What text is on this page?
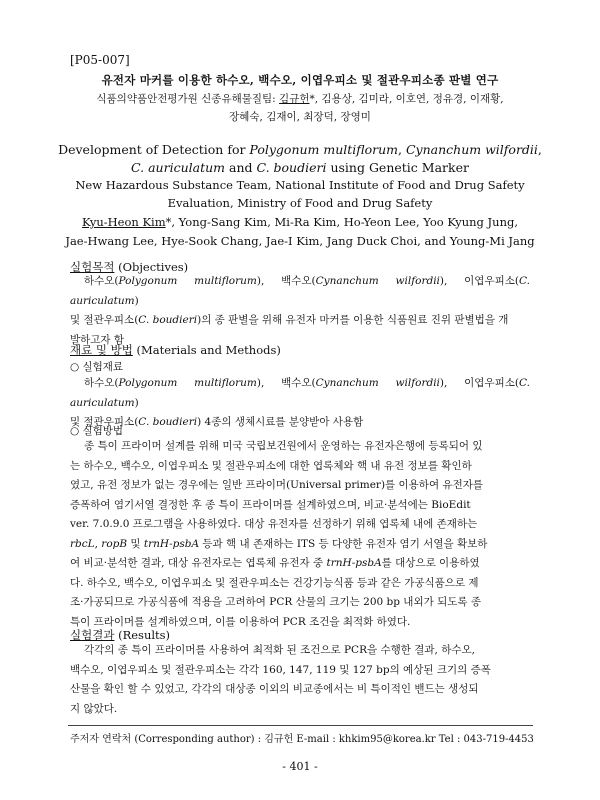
[P05-007]
유전자 마커를 이용한 하수오, 백수오, 이엽우피소 및 절관우피소종 판별 연구
식품의약품안전평가원 신종유해물질팀: 김규헌*, 김용상, 김미라, 이호연, 정유경, 이재황,
장혜숙, 김재이, 최장덕, 장영미
Development of Detection for Polygonum multiflorum, Cynanchum wilfordii,
C. auriculatum and C. boudieri using Genetic Marker
New Hazardous Substance Team, National Institute of Food and Drug Safety
Evaluation, Ministry of Food and Drug Safety
Kyu-Heon Kim*, Yong-Sang Kim, Mi-Ra Kim, Ho-Yeon Lee, Yoo Kyung Jung,
Jae-Hwang Lee, Hye-Sook Chang, Jae-I Kim, Jang Duck Choi, and Young-Mi Jang
실험목적 (Objectives)
하수오(Polygonum multiflorum), 백수오(Cynanchum wilfordii), 이엽우피소(C. auriculatum)
및 절관우피소(C. boudieri)의 종 판별을 위해 유전자 마커를 이용한 식품원료 진위 판별법을 개
발하고자 함
재료 및 방법 (Materials and Methods)
○ 실험재료
하수오(Polygonum multiflorum), 백수오(Cynanchum wilfordii), 이엽우피소(C. auriculatum)
및 절관우피소(C. boudieri) 4종의 생체시료를 분양받아 사용함
○ 실험방법
종 특이 프라이머 설계를 위해 미국 국립보건원에서 운영하는 유전자은행에 등록되어 있
는 하수오, 백수오, 이엽우피소 및 절관우피소에 대한 엽록체와 핵 내 유전 정보를 확인하
였고, 유전 정보가 없는 경우에는 일반 프라이머(Universal primer)를 이용하여 유전자를
증폭하여 염기서열 결정한 후 종 특이 프라이머를 설계하였으며, 비교·분석에는 BioEdit
ver. 7.0.9.0 프로그램을 사용하였다. 대상 유전자를 선정하기 위해 엽록체 내에 존재하는
rbcL, ropB 및 trnH-psbA 등과 핵 내 존재하는 ITS 등 다양한 유전자 염기 서열을 확보하
여 비교·분석한 결과, 대상 유전자로는 엽록체 유전자 중 trnH-psbA를 대상으로 이용하였
다. 하수오, 백수오, 이엽우피소 및 절관우피소는 건강기능식품 등과 같은 가공식품으로 제
조·가공되므로 가공식품에 적용을 고려하여 PCR 산물의 크기는 200 bp 내외가 되도록 종
특이 프라이머를 설계하였으며, 이를 이용하여 PCR 조건을 최적화 하였다.
실험결과 (Results)
각각의 종 특이 프라이머를 사용하여 최적화 된 조건으로 PCR을 수행한 결과, 하수오,
백수오, 이엽우피소 및 절관우피소는 각각 160, 147, 119 및 127 bp의 예상된 크기의 증폭
산물을 확인 할 수 있었고, 각각의 대상종 이외의 비교종에서는 비 특이적인 밴드는 생성되
지 않았다.
주저자 연락처 (Corresponding author) : 김규헌 E-mail : khkim95@korea.kr Tel : 043-719-4453
- 401 -
